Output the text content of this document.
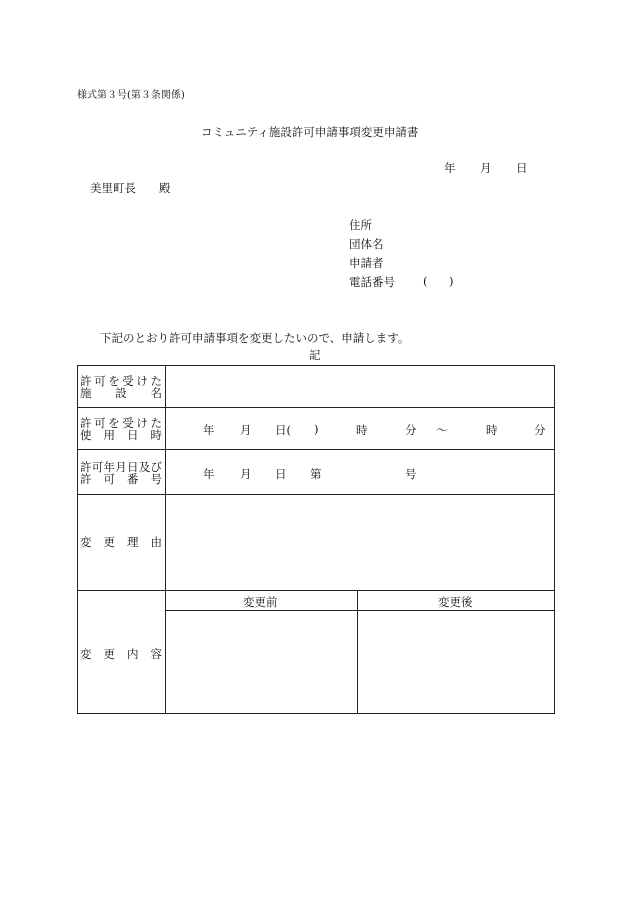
様式第３号(第３条関係)
コミュニティ施設許可申請事項変更申請書
年 月 日
美里町長 殿
住所
団体名
申請者
電話番号 ( )
下記のとおり許可申請事項を変更したいので、申請します。
記
許 可 を 受 け た
施 設 名
許 可 を 受 け た
使 用 日 時	年 月 日( )	時	分 ～	時	分
許 可 年 月 日 及 び
許 可 番 号	年 月 日 第	号
変 更 理 由
変 更 内 容
変更前	変更後
